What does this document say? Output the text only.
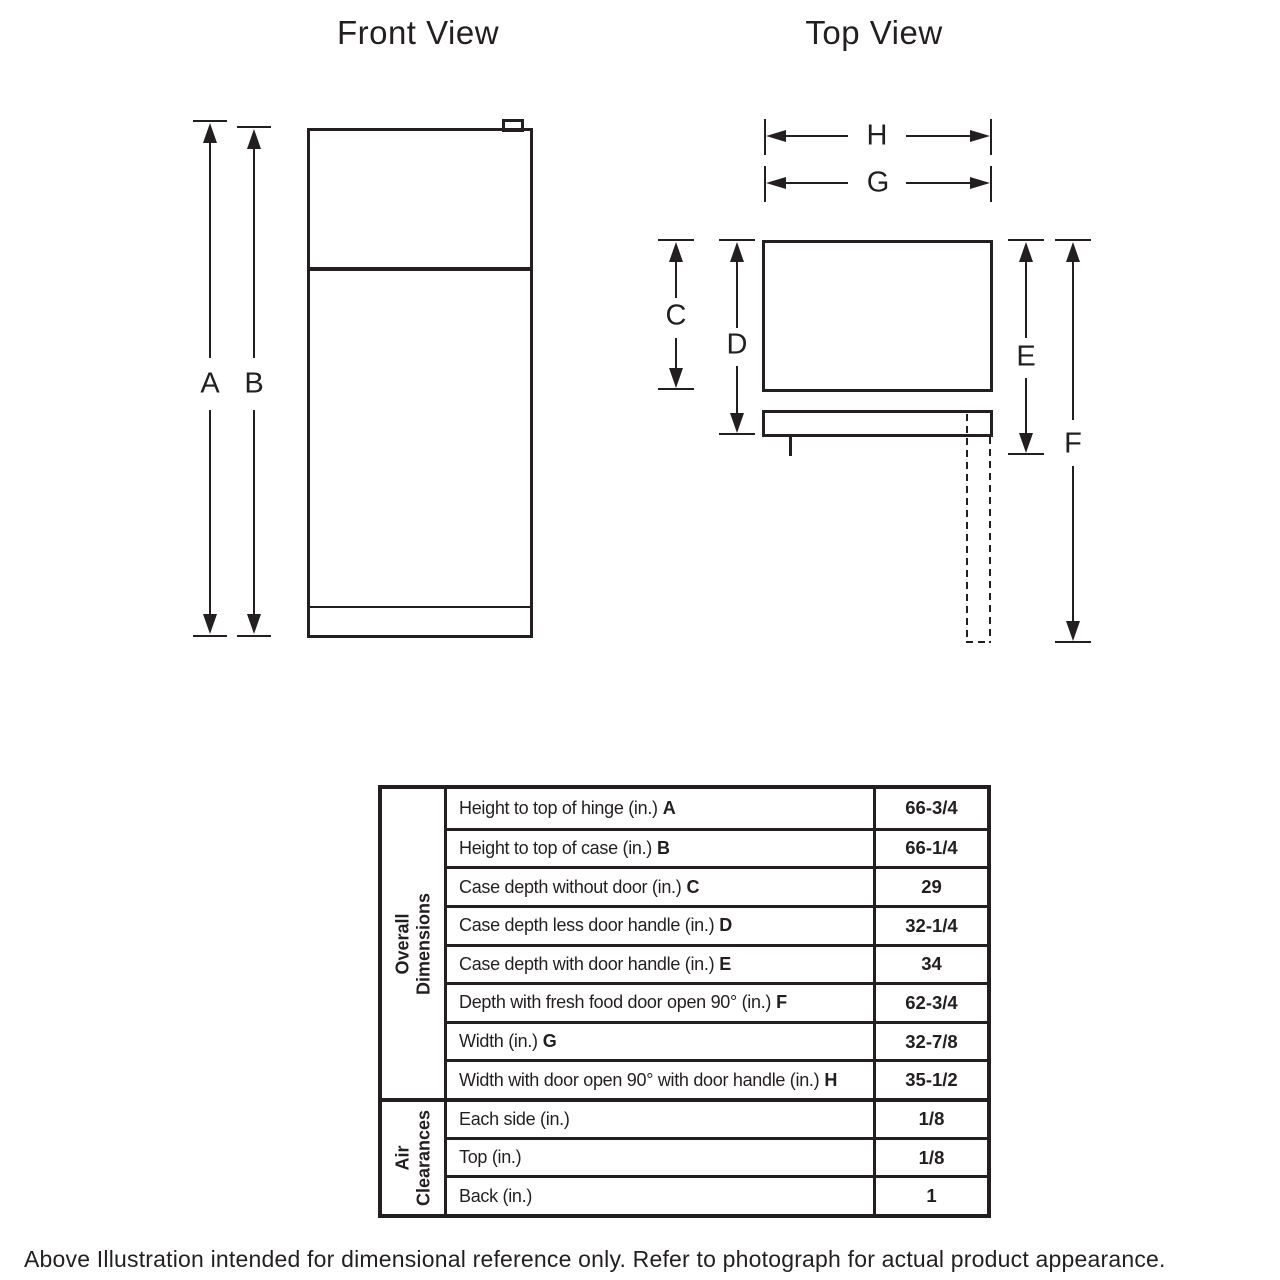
Front View
A B
Top View
H
G
C
D	E
F
Overall Dimensions
Height to top of hinge (in.) A	66-3/4
Height to top of case (in.) B	66-1/4
Case depth without door (in.) C	29
Case depth less door handle (in.) D	32-1/4
Case depth with door handle (in.) E	34
Depth with fresh food door open 90° (in.) F	62-3/4
Width (in.) G	32-7/8
Width with door open 90° with door handle (in.) H	35-1/2
Air Clearances Each side (in.)	1/8
Top (in.)	1/8
Back (in.)	1
Above Illustration intended for dimensional reference only. Refer to photograph for actual product appearance.
